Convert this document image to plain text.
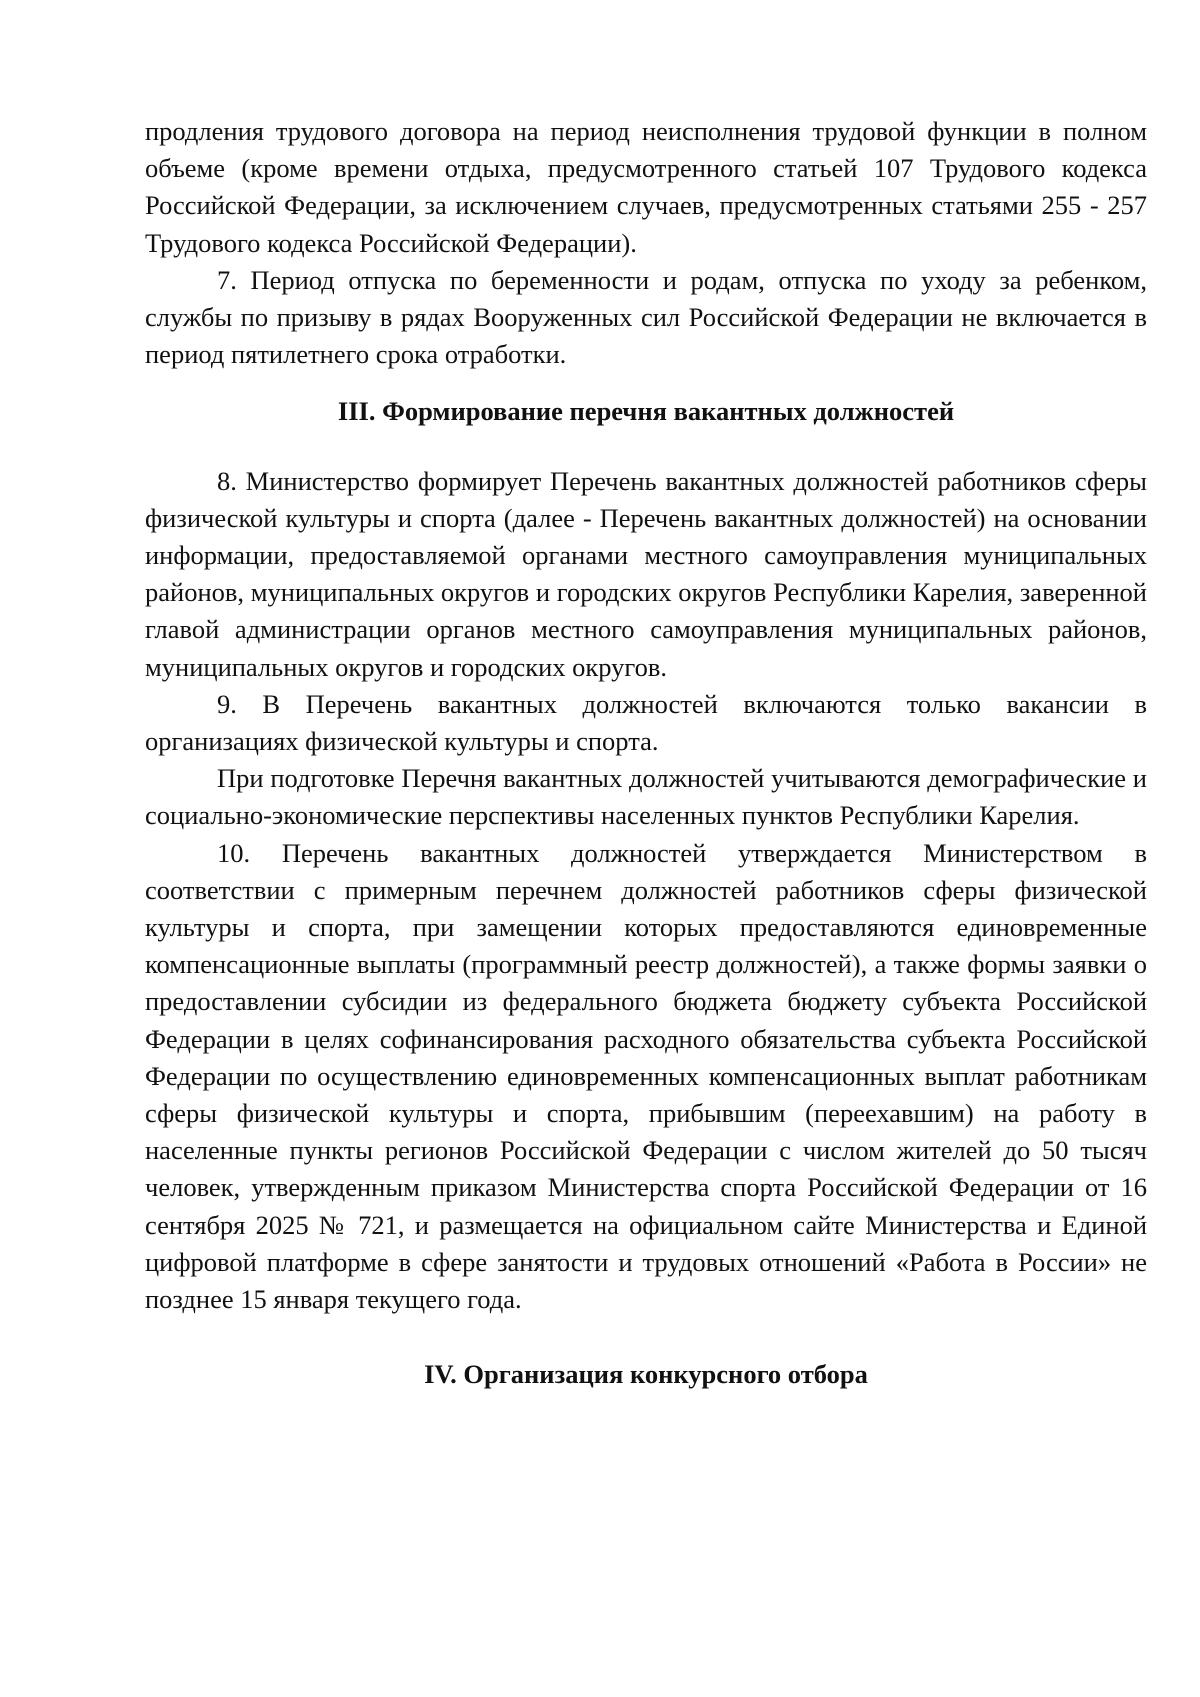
продления трудового договора на период неисполнения трудовой функции в полном объеме (кроме времени отдыха, предусмотренного статьей 107 Трудового кодекса Российской Федерации, за исключением случаев, предусмотренных статьями 255 - 257 Трудового кодекса Российской Федерации).

7. Период отпуска по беременности и родам, отпуска по уходу за ребенком, службы по призыву в рядах Вооруженных сил Российской Федерации не включается в период пятилетнего срока отработки.

III. Формирование перечня вакантных должностей

8. Министерство формирует Перечень вакантных должностей работников сферы физической культуры и спорта (далее - Перечень вакантных должностей) на основании информации, предоставляемой органами местного самоуправления муниципальных районов, муниципальных округов и городских округов Республики Карелия, заверенной главой администрации органов местного самоуправления муниципальных районов, муниципальных округов и городских округов.

9. В Перечень вакантных должностей включаются только вакансии в организациях физической культуры и спорта.

При подготовке Перечня вакантных должностей учитываются демографические и социально-экономические перспективы населенных пунктов Республики Карелия.

10. Перечень вакантных должностей утверждается Министерством в соответствии с примерным перечнем должностей работников сферы физической культуры и спорта, при замещении которых предоставляются единовременные компенсационные выплаты (программный реестр должностей), а также формы заявки о предоставлении субсидии из федерального бюджета бюджету субъекта Российской Федерации в целях софинансирования расходного обязательства субъекта Российской Федерации по осуществлению единовременных компенсационных выплат работникам сферы физической культуры и спорта, прибывшим (переехавшим) на работу в населенные пункты регионов Российской Федерации с числом жителей до 50 тысяч человек, утвержденным приказом Министерства спорта Российской Федерации от 16 сентября 2025 № 721, и размещается на официальном сайте Министерства и Единой цифровой платформе в сфере занятости и трудовых отношений «Работа в России» не позднее 15 января текущего года.

IV. Организация конкурсного отбора
